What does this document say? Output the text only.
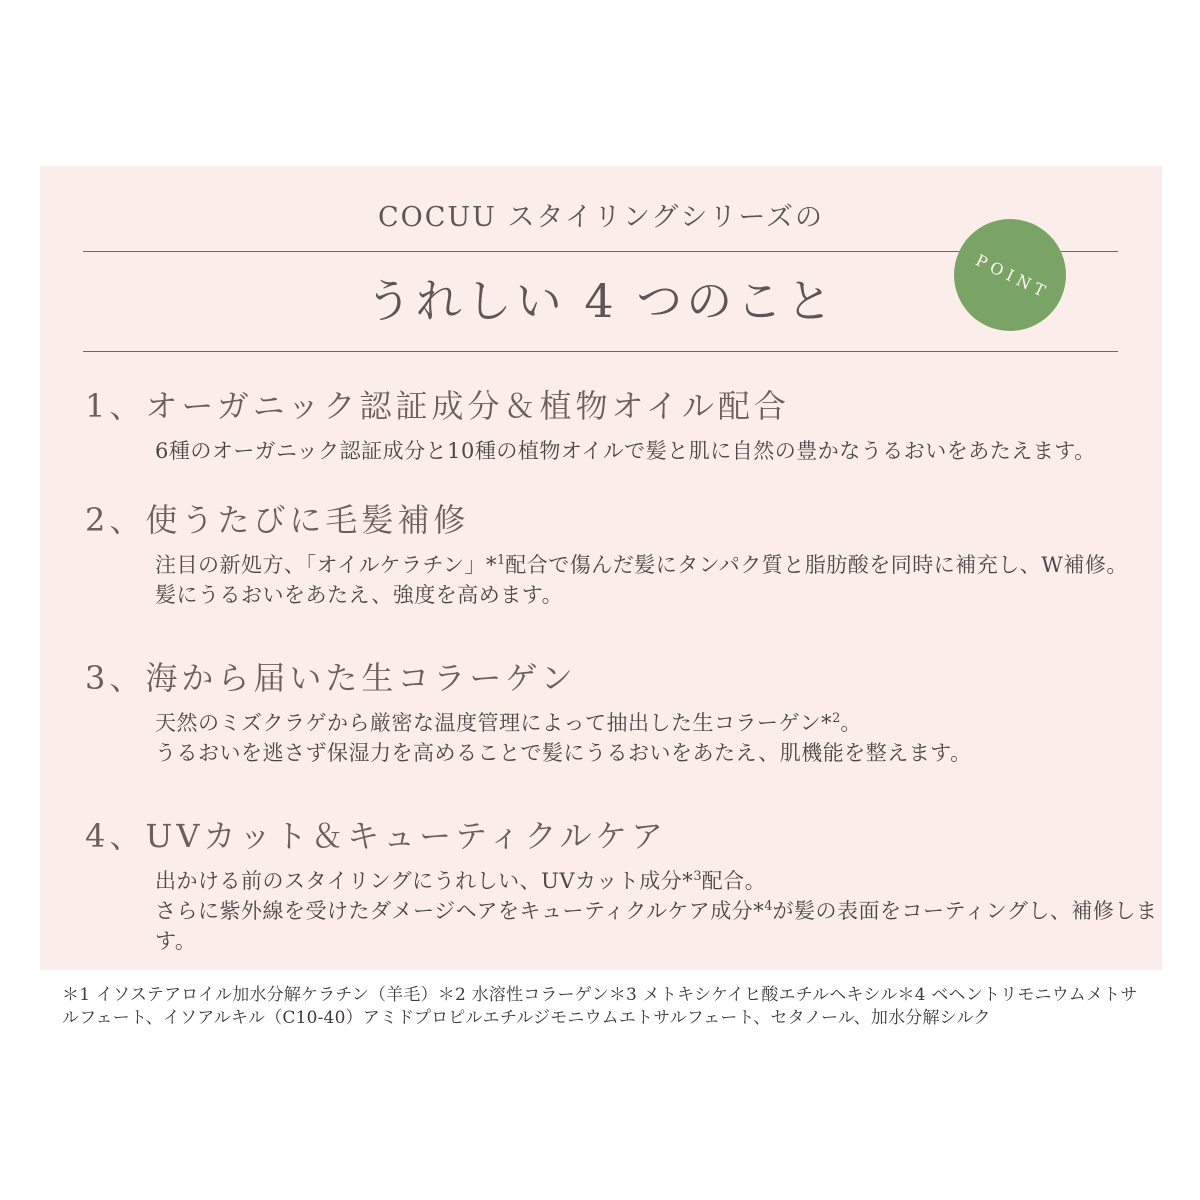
COCUU スタイリングシリーズの
うれしい 4 つのこと	POINT
1、オーガニック認証成分＆植物オイル配合

6種のオーガニック認証成分と10種の植物オイルで髪と肌に自然の豊かなうるおいをあたえます。

2、使うたびに毛髪補修

注目の新処方、「オイルケラチン」*$^1$配合で傷んだ髪にタンパク質と脂肪酸を同時に補充し、W補修。

髪にうるおいをあたえ、強度を高めます。

3、海から届いた生コラーゲン

天然のミズクラゲから厳密な温度管理によって抽出した生コラーゲン*$^2$。

うるおいを逃さず保湿力を高めることで髪にうるおいをあたえ、肌機能を整えます。

4、UVカット＆キューティクルケア

出かける前のスタイリングにうれしい、UVカット成分*$^3$配合。

さらに紫外線を受けたダメージヘアをキューティクルケア成分*$^4$が髪の表面をコーティングし、補修します。

＊1 イソステアロイル加水分解ケラチン（羊毛）＊2 水溶性コラーゲン＊3 メトキシケイヒ酸エチルヘキシル＊4 ベヘントリモニウムメトサルフェート、イソアルキル（C10-40）アミドプロピルエチルジモニウムエトサルフェート、セタノール、加水分解シルク
